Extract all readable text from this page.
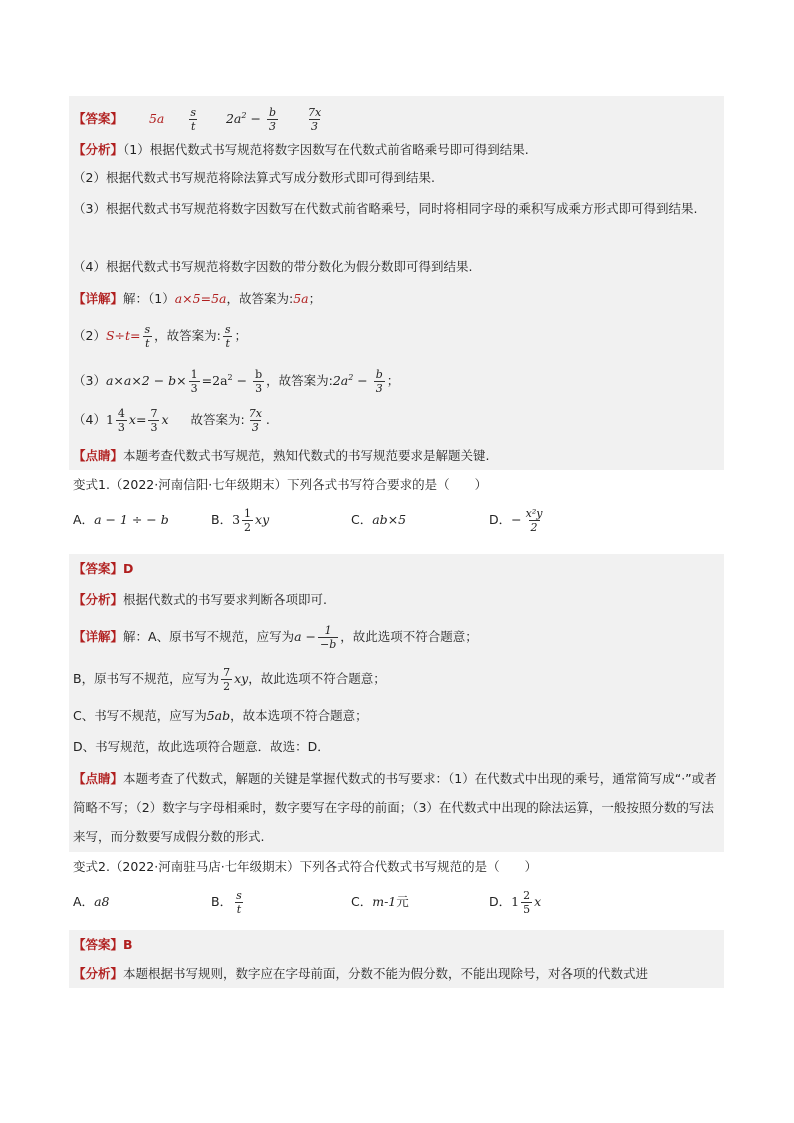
【答案】 $5a \frac{s}{t} 2a^2 - \frac{b}{3}$
	$\frac{7x}{3}$
【分析】（1）根据代数式书写规范将数字因数写在代数式前省略乘号即可得到结果.
（2）根据代数式书写规范将除法算式写成分数形式即可得到结果.
（3）根据代数式书写规范将数字因数写在代数式前省略乘号，同时将相同字母的乘积写成乘方形式即可得到结果.
（4）根据代数式书写规范将数字因数的带分数化为假分数即可得到结果.
【详解】解：（1）a×5=5a，故答案为:5a；
$(2)S\div t= \frac{s}{t}$ ，故答案为: $\frac{s}{t}$ ；
$(3)a\times a\times 2 - b\times \frac{1}{3} =2a^2 - \frac{b}{3}$ ，故答案为$:2a^2 - \frac{b}{3}$ ；
$(4)1 \frac{4}{3} x= \frac{7}{3}$ x 故答案为: $\frac{7x}{3}$ .
【点睛】本题考查代数式书写规范，熟知代数式的书写规范要求是解题关键.
变式1.（2022·河南信阳·七年级期末）下列各式书写符合要求的是（　　）
A．a − 1 ÷ − b	B．$3 \frac{1}{2}$ xy	C．ab×5	D．− $\frac{\text{x²y}}{2}$
【答案】D
【分析】根据代数式的书写要求判断各项即可.
【详解】解：A、原书写不规范，应写为$a - \frac{1}{-b}$ ，故此选项不符合题意；
B，原书写不规范，应写为 $\frac{7}{2}$ xy，故此选项不符合题意；
C、书写不规范，应写为5ab，故本选项不符合题意；
D、书写规范，故此选项符合题意．故选：D．
【点睛】本题考查了代数式，解题的关键是掌握代数式的书写要求：（1）在代数式中出现的乘号，通常简写成“·”或者简略不写；（2）数字与字母相乘时，数字要写在字母的前面；（3）在代数式中出现的除法运算，一般按照分数的写法来写，而分数要写成假分数的形式.
变式2.（2022·河南驻马店·七年级期末）下列各式符合代数式书写规范的是（　　）
A．a8	B． $\frac{s}{t}$	C．m-1元	D．$1 \frac{2}{5}$ x
【答案】B
【分析】本题根据书写规则，数字应在字母前面，分数不能为假分数，不能出现除号，对各项的代数式进
